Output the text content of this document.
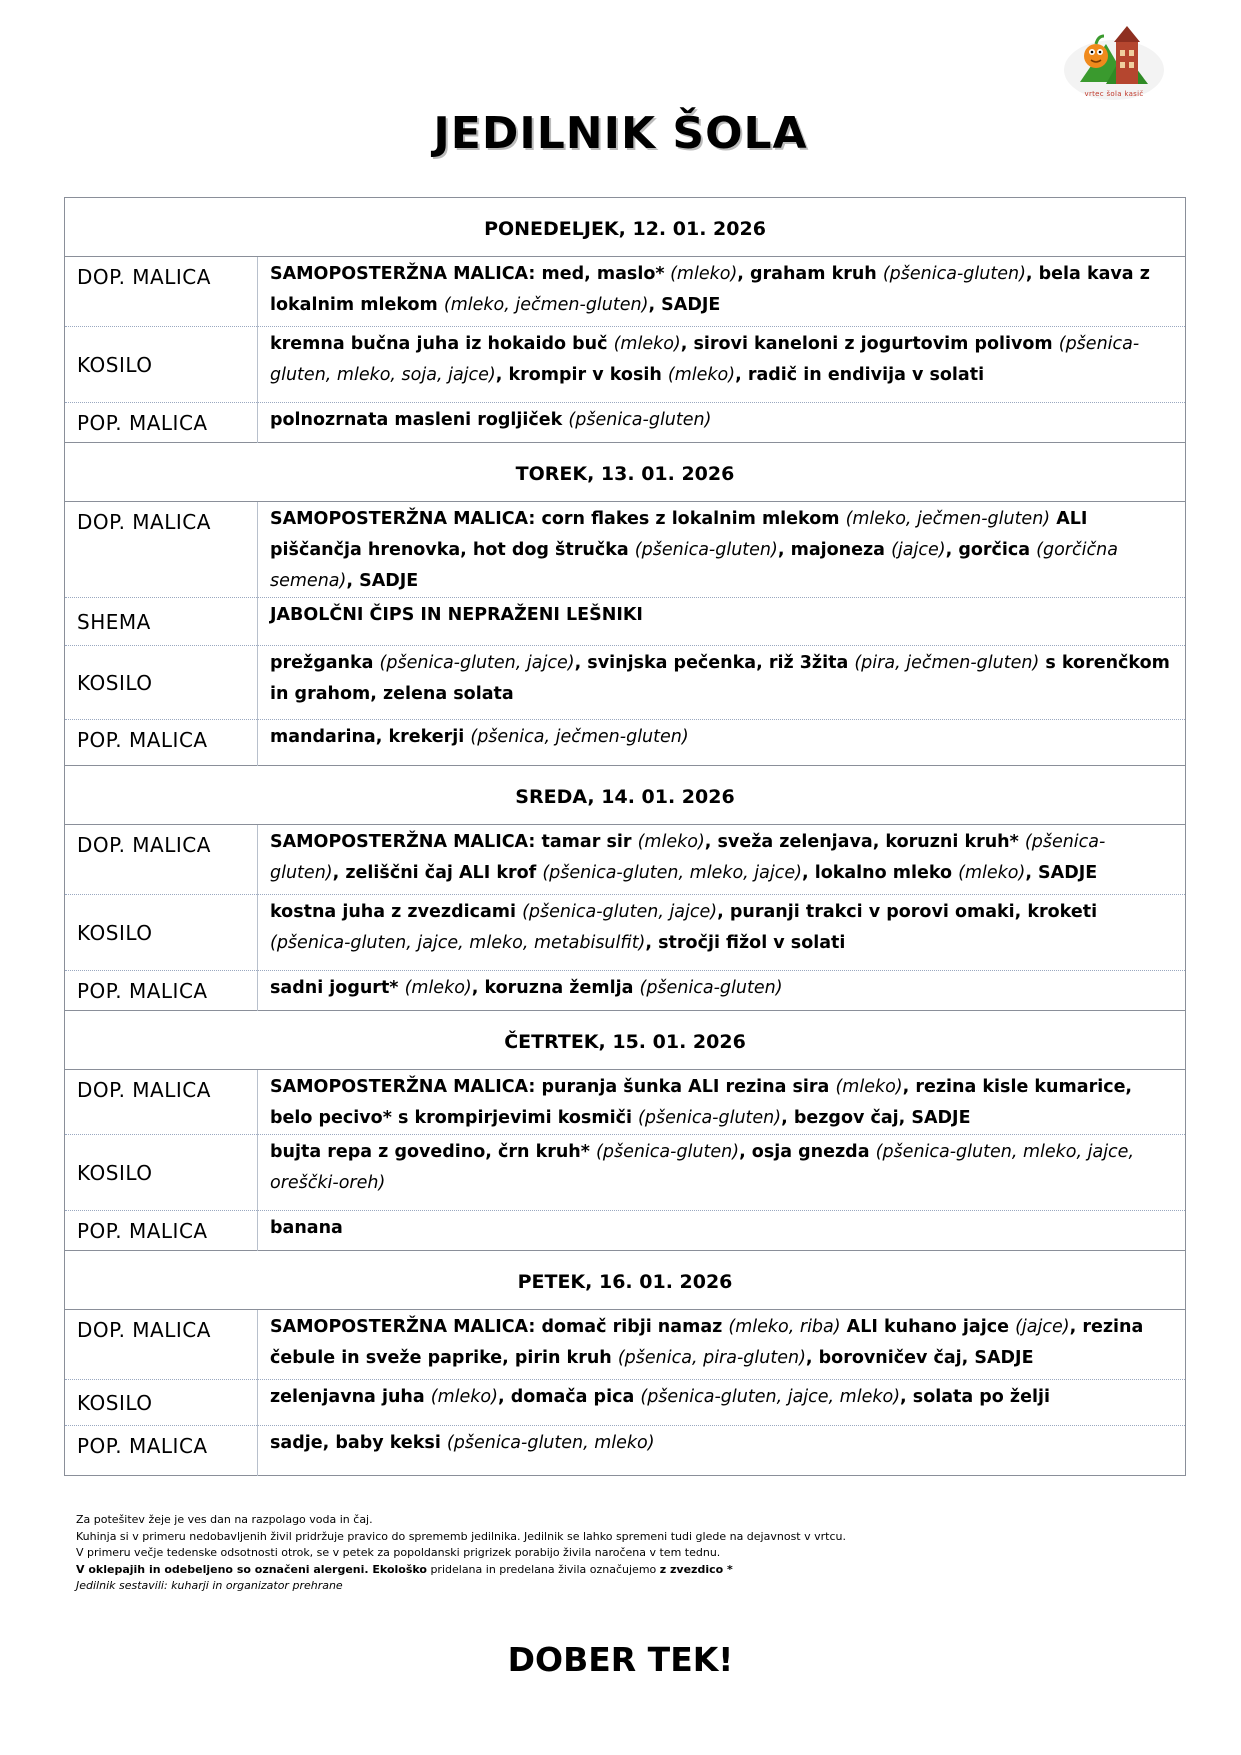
vrtec šola kasič
JEDILNIK ŠOLA
PONEDELJEK, 12. 01. 2026	
DOP. MALICA	SAMOPOSTERŽNA MALICA: med, maslo* (mleko), graham kruh (pšenica-gluten), bela kava z lokalnim mlekom (mleko, ječmen-gluten), SADJE
KOSILO	kremna bučna juha iz hokaido buč (mleko), sirovi kaneloni z jogurtovim polivom (pšenica-gluten, mleko, soja, jajce), krompir v kosih (mleko), radič in endivija v solati
POP. MALICA	polnozrnata masleni rogljiček (pšenica-gluten)
TOREK, 13. 01. 2026	
DOP. MALICA	SAMOPOSTERŽNA MALICA: corn flakes z lokalnim mlekom (mleko, ječmen-gluten) ALI piščančja hrenovka, hot dog štručka (pšenica-gluten), majoneza (jajce), gorčica (gorčična semena), SADJE
SHEMA	JABOLČNI ČIPS IN NEPRAŽENI LEŠNIKI
KOSILO	prežganka (pšenica-gluten, jajce), svinjska pečenka, riž 3žita (pira, ječmen-gluten) s korenčkom in grahom, zelena solata
POP. MALICA	mandarina, krekerji (pšenica, ječmen-gluten)
SREDA, 14. 01. 2026	
DOP. MALICA	SAMOPOSTERŽNA MALICA: tamar sir (mleko), sveža zelenjava, koruzni kruh* (pšenica-gluten), zeliščni čaj ALI krof (pšenica-gluten, mleko, jajce), lokalno mleko (mleko), SADJE
KOSILO	kostna juha z zvezdicami (pšenica-gluten, jajce), puranji trakci v porovi omaki, kroketi (pšenica-gluten, jajce, mleko, metabisulfit), stročji fižol v solati
POP. MALICA	sadni jogurt* (mleko), koruzna žemlja (pšenica-gluten)
ČETRTEK, 15. 01. 2026	
DOP. MALICA	SAMOPOSTERŽNA MALICA: puranja šunka ALI rezina sira (mleko), rezina kisle kumarice, belo pecivo* s krompirjevimi kosmiči (pšenica-gluten), bezgov čaj, SADJE
KOSILO	bujta repa z govedino, črn kruh* (pšenica-gluten), osja gnezda (pšenica-gluten, mleko, jajce, oreščki-oreh)
POP. MALICA	banana
PETEK, 16. 01. 2026	
DOP. MALICA	SAMOPOSTERŽNA MALICA: domač ribji namaz (mleko, riba) ALI kuhano jajce (jajce), rezina čebule in sveže paprike, pirin kruh (pšenica, pira-gluten), borovničev čaj, SADJE
KOSILO	zelenjavna juha (mleko), domača pica (pšenica-gluten, jajce, mleko), solata po želji
POP. MALICA	sadje, baby keksi (pšenica-gluten, mleko)
Za potešitev žeje je ves dan na razpolago voda in čaj.
Kuhinja si v primeru nedobavljenih živil pridržuje pravico do sprememb jedilnika. Jedilnik se lahko spremeni tudi glede na dejavnost v vrtcu.
V primeru večje tedenske odsotnosti otrok, se v petek za popoldanski prigrizek porabijo živila naročena v tem tednu.
V oklepajih in odebeljeno so označeni alergeni. Ekološko pridelana in predelana živila označujemo z zvezdico *
Jedilnik sestavili: kuharji in organizator prehrane
DOBER TEK!
